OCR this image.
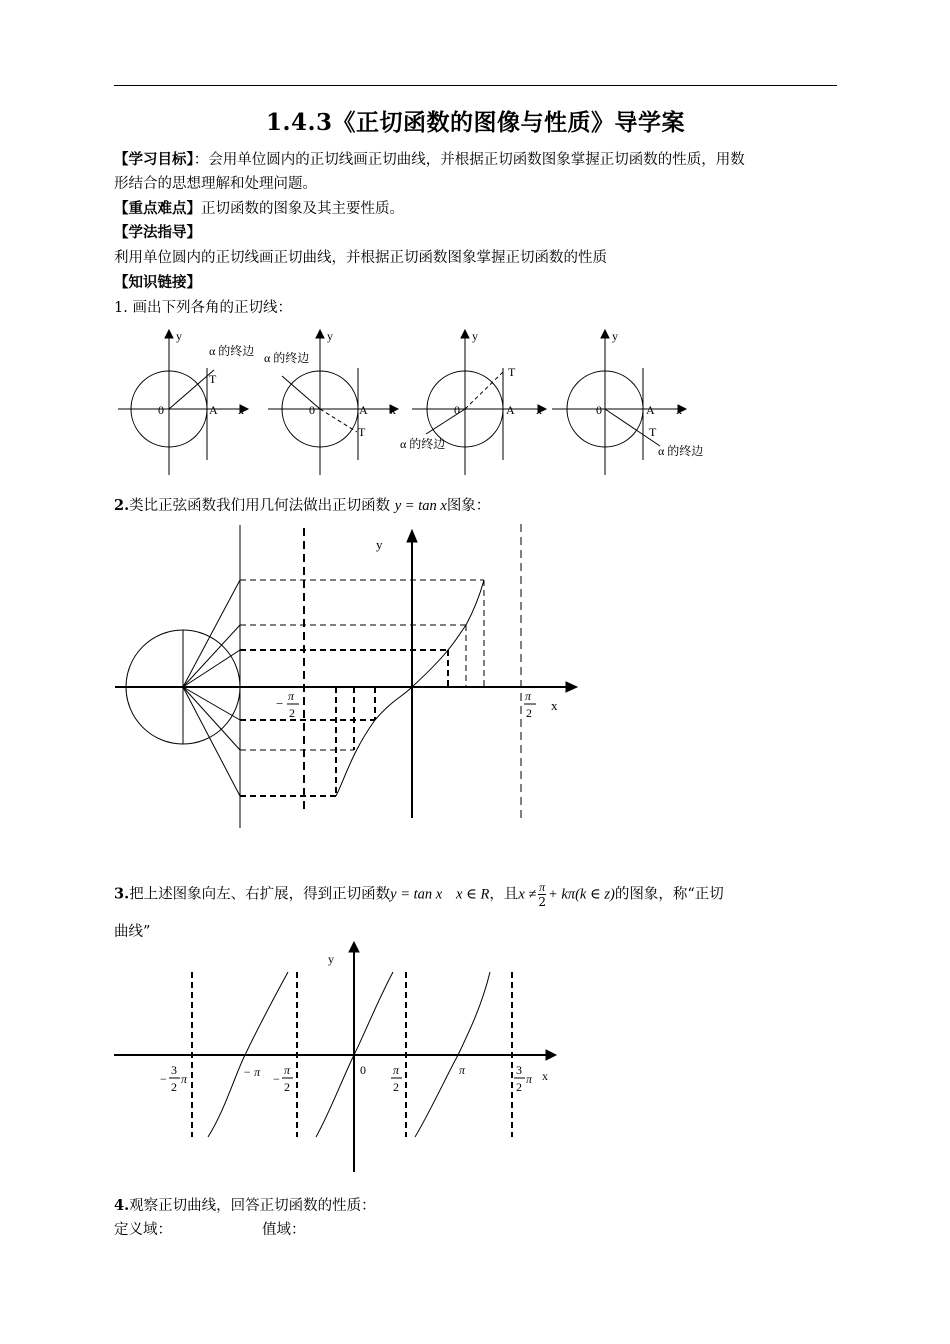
1.4.3《正切函数的图像与性质》导学案
【学习目标】：会用单位圆内的正切线画正切曲线，并根据正切函数图象掌握正切函数的性质，用数
形结合的思想理解和处理问题。
【重点难点】正切函数的图象及其主要性质。
【学法指导】
利用单位圆内的正切线画正切曲线，并根据正切函数图象掌握正切函数的性质
【知识链接】
1. 画出下列各角的正切线：
y
x
0	A
T
α 的终边
y
x
0	A
T
α 的终边
y
x
0	A
T
α 的终边
y
x
0	A
T
α 的终边
2.类比正弦函数我们用几何法做出正切函数 y = tan x图象：
y
x
− π
2
π
2
3.把上述图象向左、右扩展，得到正切函数y = tan x x ∈ R，且$x \ne \frac{\pi}{2} + k\pi(k$ ∈ z)的图象，称“正切
曲线”
y
x
0
−
3
2
π	− π −
π
2
π
2
π	3
2
π
4.观察正切曲线，回答正切函数的性质：
定义域：	值域：
